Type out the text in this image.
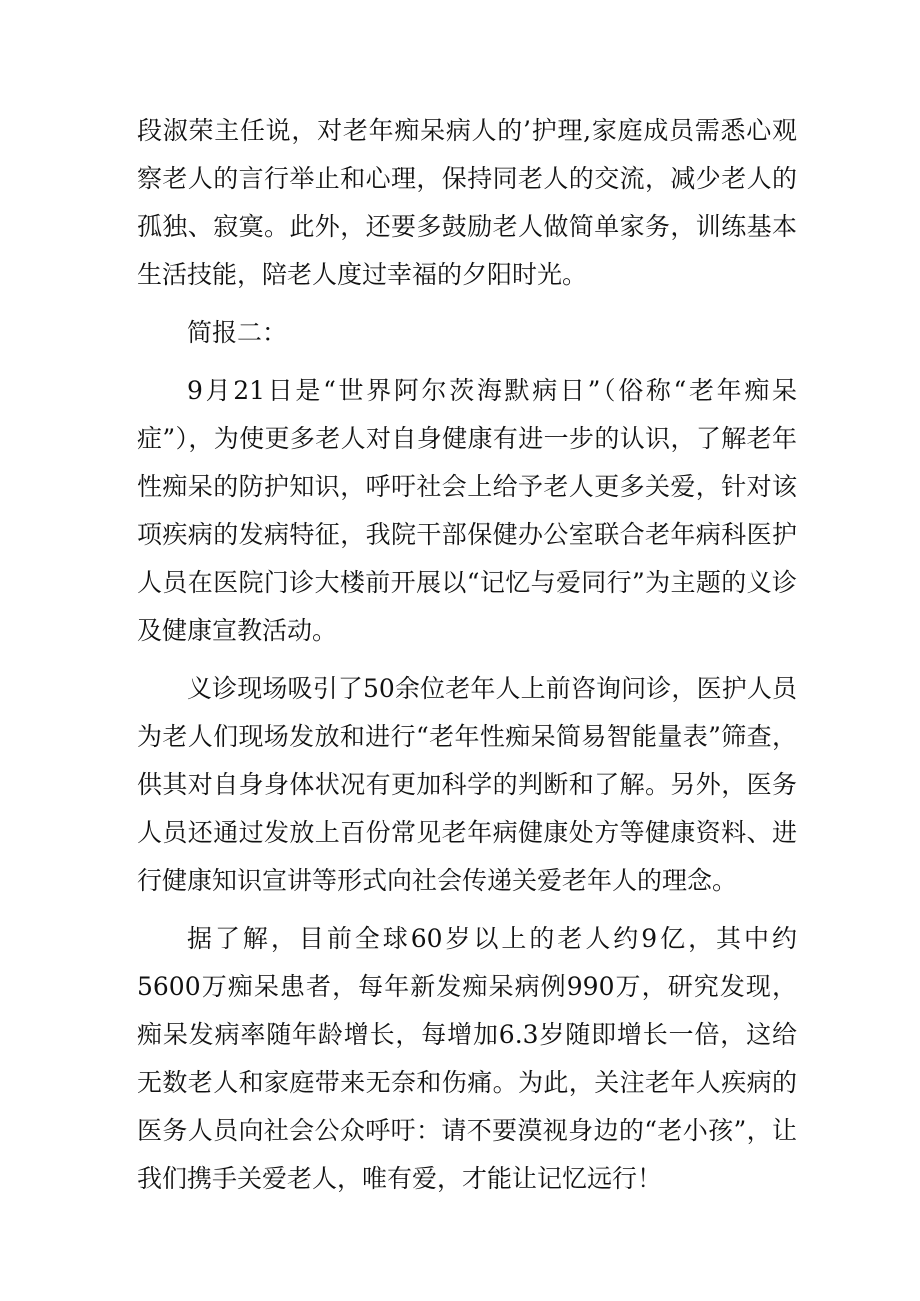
段淑荣主任说，对老年痴呆病人的’护理,家庭成员需悉心观察老人的言行举止和心理，保持同老人的交流，减少老人的孤独、寂寞。此外，还要多鼓励老人做简单家务，训练基本生活技能，陪老人度过幸福的夕阳时光。

简报二：

9月21日是“世界阿尔茨海默病日”（俗称“老年痴呆症”），为使更多老人对自身健康有进一步的认识，了解老年性痴呆的防护知识，呼吁社会上给予老人更多关爱，针对该项疾病的发病特征，我院干部保健办公室联合老年病科医护人员在医院门诊大楼前开展以“记忆与爱同行”为主题的义诊及健康宣教活动。

义诊现场吸引了50余位老年人上前咨询问诊，医护人员为老人们现场发放和进行“老年性痴呆简易智能量表”筛查，供其对自身身体状况有更加科学的判断和了解。另外，医务人员还通过发放上百份常见老年病健康处方等健康资料、进行健康知识宣讲等形式向社会传递关爱老年人的理念。

据了解，目前全球60岁以上的老人约9亿，其中约5600万痴呆患者，每年新发痴呆病例990万，研究发现，痴呆发病率随年龄增长，每增加6.3岁随即增长一倍，这给无数老人和家庭带来无奈和伤痛。为此，关注老年人疾病的医务人员向社会公众呼吁：请不要漠视身边的“老小孩”，让我们携手关爱老人，唯有爱，才能让记忆远行！
